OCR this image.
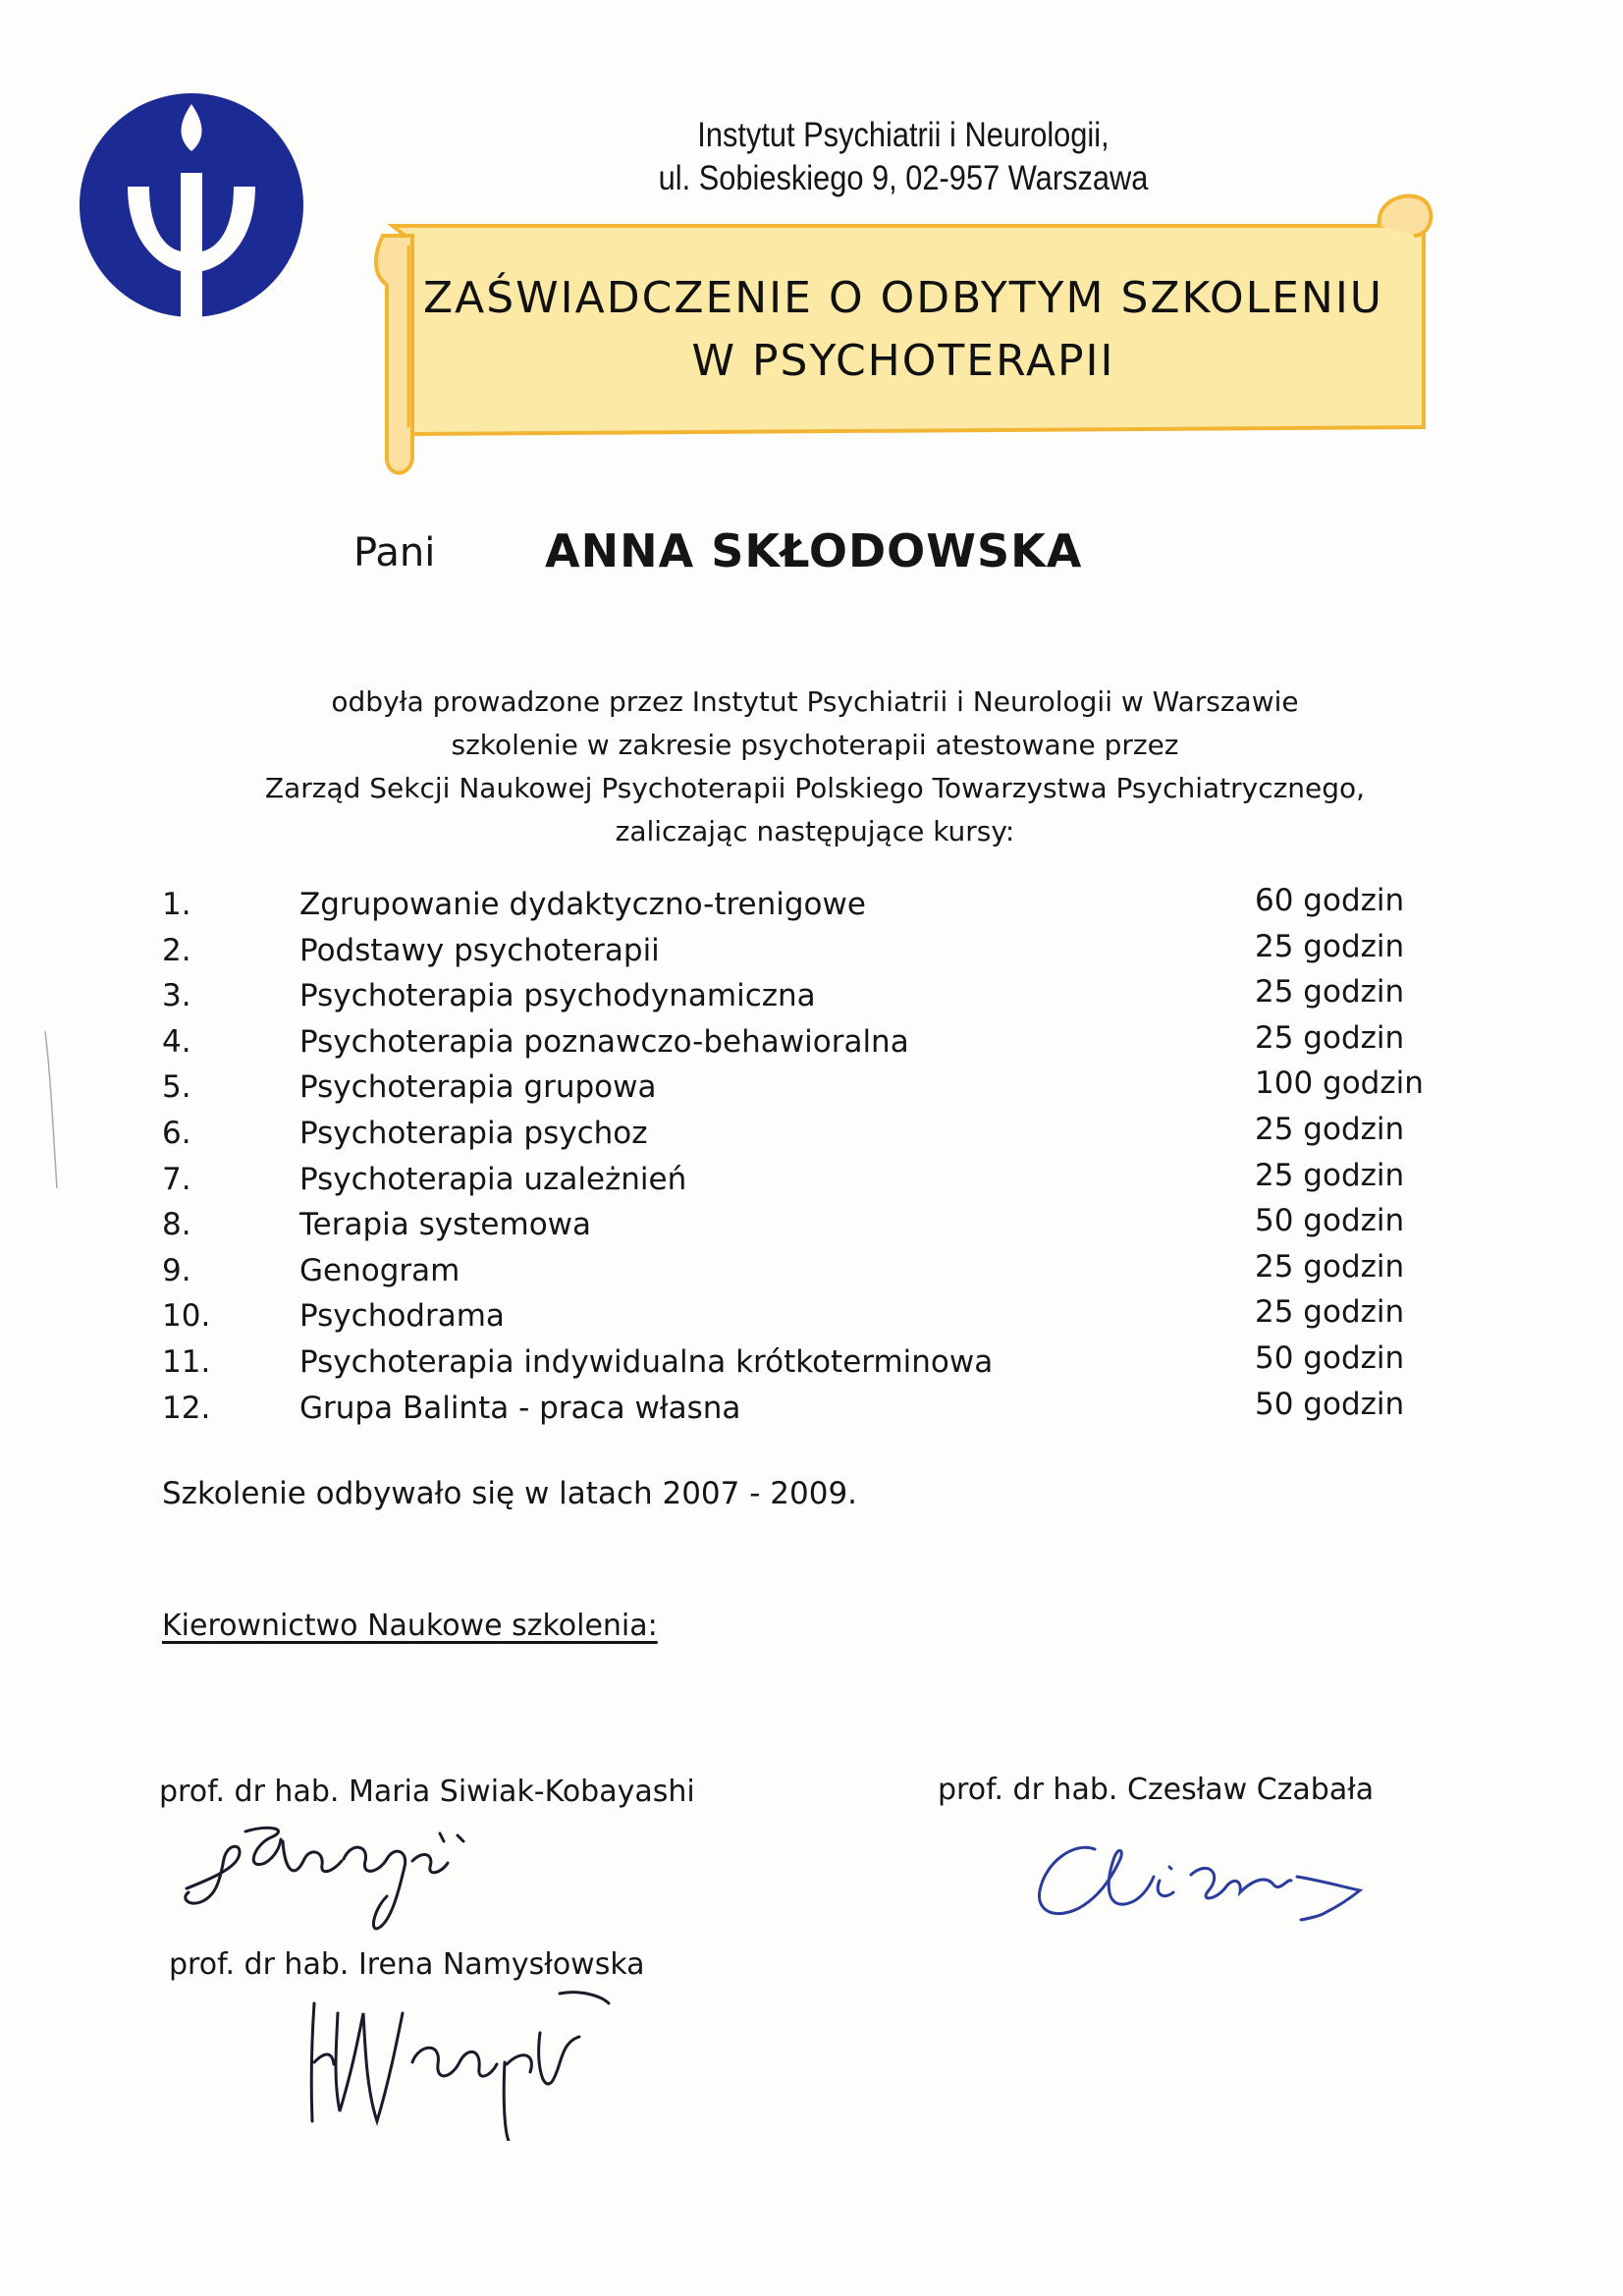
Instytut Psychiatrii i Neurologii,
ul. Sobieskiego 9, 02-957 Warszawa
ZAŚWIADCZENIE O ODBYTYM SZKOLENIU
W PSYCHOTERAPII
Pani ANNA SKŁODOWSKA
odbyła prowadzone przez Instytut Psychiatrii i Neurologii w Warszawie
szkolenie w zakresie psychoterapii atestowane przez
Zarząd Sekcji Naukowej Psychoterapii Polskiego Towarzystwa Psychiatrycznego,
zaliczając następujące kursy:
1.	Zgrupowanie dydaktyczno-trenigowe	60 godzin
2.	Podstawy psychoterapii	25 godzin
3.	Psychoterapia psychodynamiczna	25 godzin
4.	Psychoterapia poznawczo-behawioralna	25 godzin
5.	Psychoterapia grupowa	100 godzin
6.	Psychoterapia psychoz	25 godzin
7.	Psychoterapia uzależnień	25 godzin
8.	Terapia systemowa	50 godzin
9.	Genogram	25 godzin
10.	Psychodrama	25 godzin
11.	Psychoterapia indywidualna krótkoterminowa	50 godzin
12.	Grupa Balinta - praca własna	50 godzin
Szkolenie odbywało się w latach 2007 - 2009.
Kierownictwo Naukowe szkolenia:
prof. dr hab. Maria Siwiak-Kobayashi	prof. dr hab. Czesław Czabała
prof. dr hab. Irena Namysłowska
